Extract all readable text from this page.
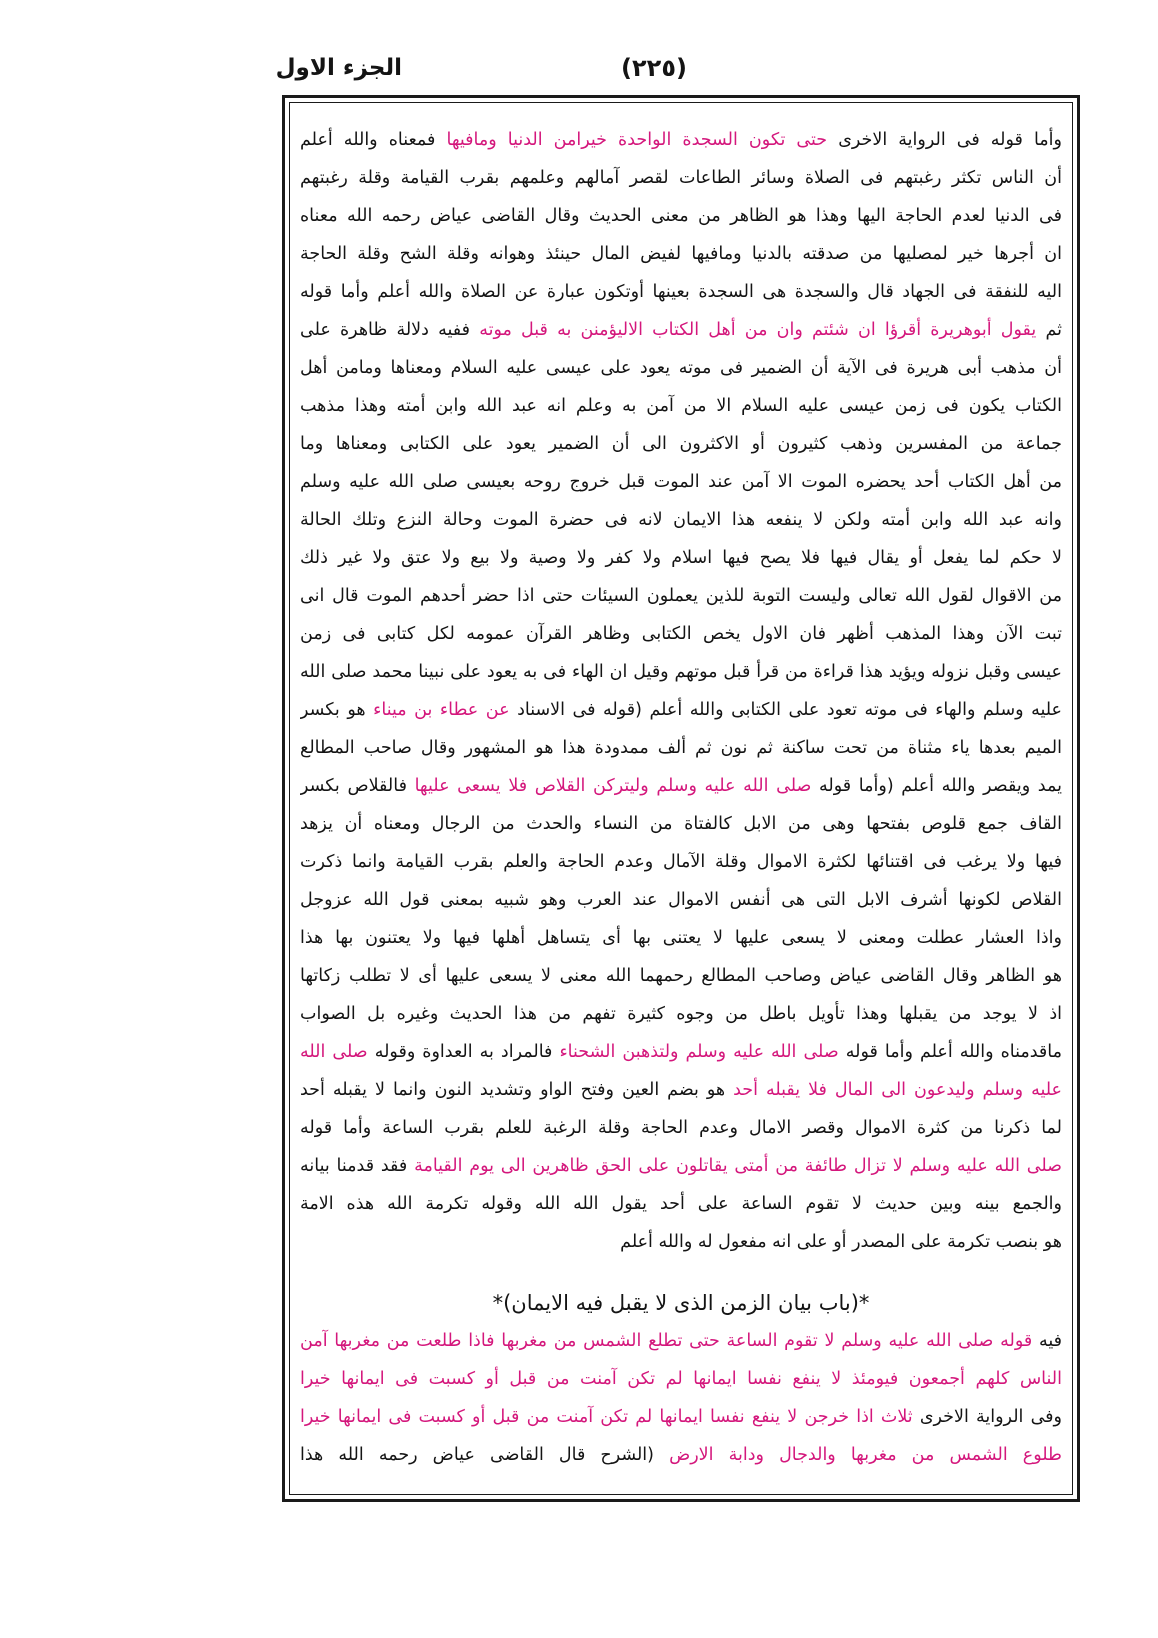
الجزء الاول	(٢٢٥)
وأما قوله فى الرواية الاخرى حتى تكون السجدة الواحدة خيرامن الدنيا ومافيها فمعناه والله أعلم
أن الناس تكثر رغبتهم فى الصلاة وسائر الطاعات لقصر آمالهم وعلمهم بقرب القيامة وقلة رغبتهم
فى الدنيا لعدم الحاجة اليها وهذا هو الظاهر من معنى الحديث وقال القاضى عياض رحمه الله معناه
ان أجرها خير لمصليها من صدقته بالدنيا ومافيها لفيض المال حينئذ وهوانه وقلة الشح وقلة الحاجة
اليه للنفقة فى الجهاد قال والسجدة هى السجدة بعينها أوتكون عبارة عن الصلاة والله أعلم وأما قوله
ثم يقول أبوهريرة أقرؤا ان شئتم وان من أهل الكتاب الاليؤمنن به قبل موته ففيه دلالة ظاهرة على
أن مذهب أبى هريرة فى الآية أن الضمير فى موته يعود على عيسى عليه السلام ومعناها ومامن أهل
الكتاب يكون فى زمن عيسى عليه السلام الا من آمن به وعلم انه عبد الله وابن أمته وهذا مذهب
جماعة من المفسرين وذهب كثيرون أو الاكثرون الى أن الضمير يعود على الكتابى ومعناها وما
من أهل الكتاب أحد يحضره الموت الا آمن عند الموت قبل خروج روحه بعيسى صلى الله عليه وسلم
وانه عبد الله وابن أمته ولكن لا ينفعه هذا الايمان لانه فى حضرة الموت وحالة النزع وتلك الحالة
لا حكم لما يفعل أو يقال فيها فلا يصح فيها اسلام ولا كفر ولا وصية ولا بيع ولا عتق ولا غير ذلك
من الاقوال لقول الله تعالى وليست التوبة للذين يعملون السيئات حتى اذا حضر أحدهم الموت قال انى
تبت الآن وهذا المذهب أظهر فان الاول يخص الكتابى وظاهر القرآن عمومه لكل كتابى فى زمن
عيسى وقبل نزوله ويؤيد هذا قراءة من قرأ قبل موتهم وقيل ان الهاء فى به يعود على نبينا محمد صلى الله
عليه وسلم والهاء فى موته تعود على الكتابى والله أعلم (قوله فى الاسناد عن عطاء بن ميناء هو بكسر
الميم بعدها ياء مثناة من تحت ساكنة ثم نون ثم ألف ممدودة هذا هو المشهور وقال صاحب المطالع
يمد ويقصر والله أعلم (وأما قوله صلى الله عليه وسلم وليتركن القلاص فلا يسعى عليها فالقلاص بكسر
القاف جمع قلوص بفتحها وهى من الابل كالفتاة من النساء والحدث من الرجال ومعناه أن يزهد
فيها ولا يرغب فى اقتنائها لكثرة الاموال وقلة الآمال وعدم الحاجة والعلم بقرب القيامة وانما ذكرت
القلاص لكونها أشرف الابل التى هى أنفس الاموال عند العرب وهو شبيه بمعنى قول الله عزوجل
واذا العشار عطلت ومعنى لا يسعى عليها لا يعتنى بها أى يتساهل أهلها فيها ولا يعتنون بها هذا
هو الظاهر وقال القاضى عياض وصاحب المطالع رحمهما الله معنى لا يسعى عليها أى لا تطلب زكاتها
اذ لا يوجد من يقبلها وهذا تأويل باطل من وجوه كثيرة تفهم من هذا الحديث وغيره بل الصواب
ماقدمناه والله أعلم وأما قوله صلى الله عليه وسلم ولتذهبن الشحناء فالمراد به العداوة وقوله صلى الله
عليه وسلم وليدعون الى المال فلا يقبله أحد هو بضم العين وفتح الواو وتشديد النون وانما لا يقبله أحد
لما ذكرنا من كثرة الاموال وقصر الامال وعدم الحاجة وقلة الرغبة للعلم بقرب الساعة وأما قوله
صلى الله عليه وسلم لا تزال طائفة من أمتى يقاتلون على الحق ظاهرين الى يوم القيامة فقد قدمنا بيانه
والجمع بينه وبين حديث لا تقوم الساعة على أحد يقول الله الله وقوله تكرمة الله هذه الامة
هو بنصب تكرمة على المصدر أو على انه مفعول له والله أعلم
*(باب بيان الزمن الذى لا يقبل فيه الايمان)*
فيه قوله صلى الله عليه وسلم لا تقوم الساعة حتى تطلع الشمس من مغربها فاذا طلعت من مغربها آمن
الناس كلهم أجمعون فيومئذ لا ينفع نفسا ايمانها لم تكن آمنت من قبل أو كسبت فى ايمانها خيرا
وفى الرواية الاخرى ثلاث اذا خرجن لا ينفع نفسا ايمانها لم تكن آمنت من قبل أو كسبت فى ايمانها خيرا
طلوع الشمس من مغربها والدجال ودابة الارض (الشرح قال القاضى عياض رحمه الله هذا
